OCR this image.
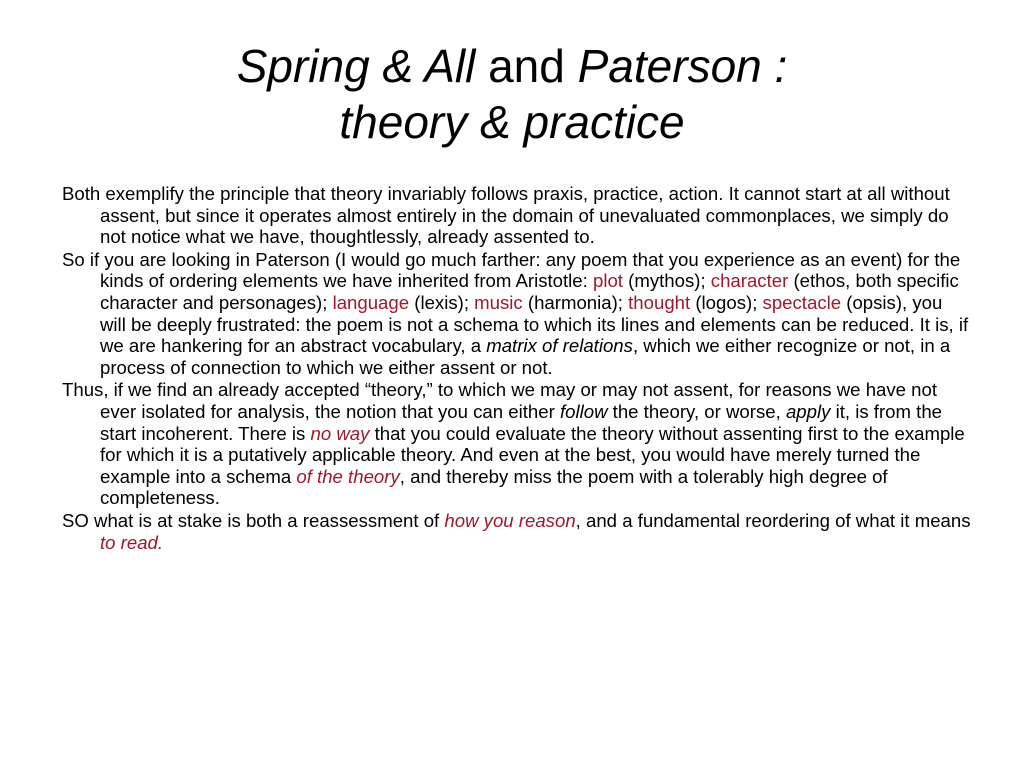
Spring & All and Paterson :
theory & practice

Both exemplify the principle that theory invariably follows praxis, practice, action. It cannot start at all without assent, but since it operates almost entirely in the domain of unevaluated commonplaces, we simply do not notice what we have, thoughtlessly, already assented to.

So if you are looking in Paterson (I would go much farther: any poem that you experience as an event) for the kinds of ordering elements we have inherited from Aristotle: plot (mythos); character (ethos, both specific character and personages); language (lexis); music (harmonia); thought (logos); spectacle (opsis), you will be deeply frustrated: the poem is not a schema to which its lines and elements can be reduced. It is, if we are hankering for an abstract vocabulary, a matrix of relations, which we either recognize or not, in a process of connection to which we either assent or not.

Thus, if we find an already accepted “theory,” to which we may or may not assent, for reasons we have not ever isolated for analysis, the notion that you can either follow the theory, or worse, apply it, is from the start incoherent. There is no way that you could evaluate the theory without assenting first to the example for which it is a putatively applicable theory. And even at the best, you would have merely turned the example into a schema of the theory, and thereby miss the poem with a tolerably high degree of completeness.

SO what is at stake is both a reassessment of how you reason, and a fundamental reordering of what it means to read.
